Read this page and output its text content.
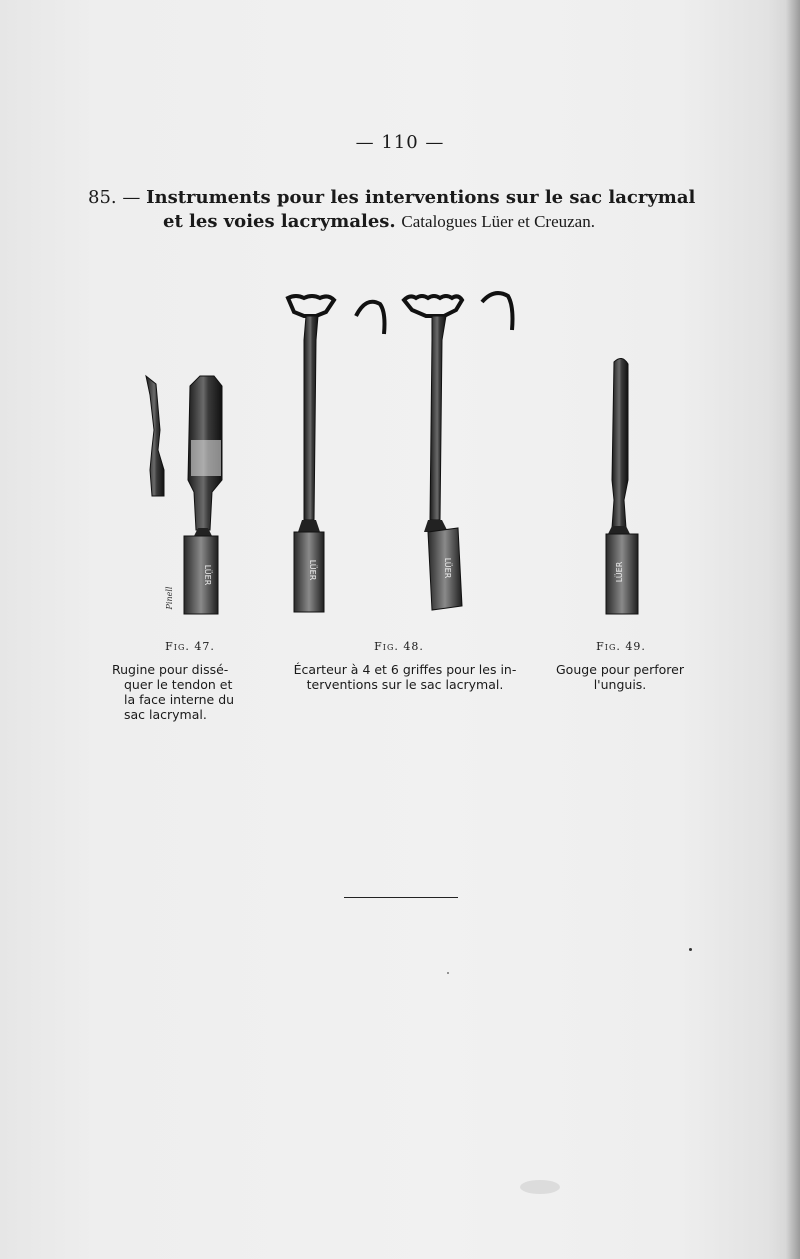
— 110 —
85. — Instruments pour les interventions sur le sac lacrymal
et les voies lacrymales. Catalogues Lüer et Creuzan.
LÜER
Pinell
LÜER	LÜER	LÜER
Fig. 47.	Fig. 48.	Fig. 49.
Rugine pour dissé-
quer le tendon et
la face interne du
sac lacrymal.
Écarteur à 4 et 6 griffes pour les in-
terventions sur le sac lacrymal.
Gouge pour perforer
l'unguis.
